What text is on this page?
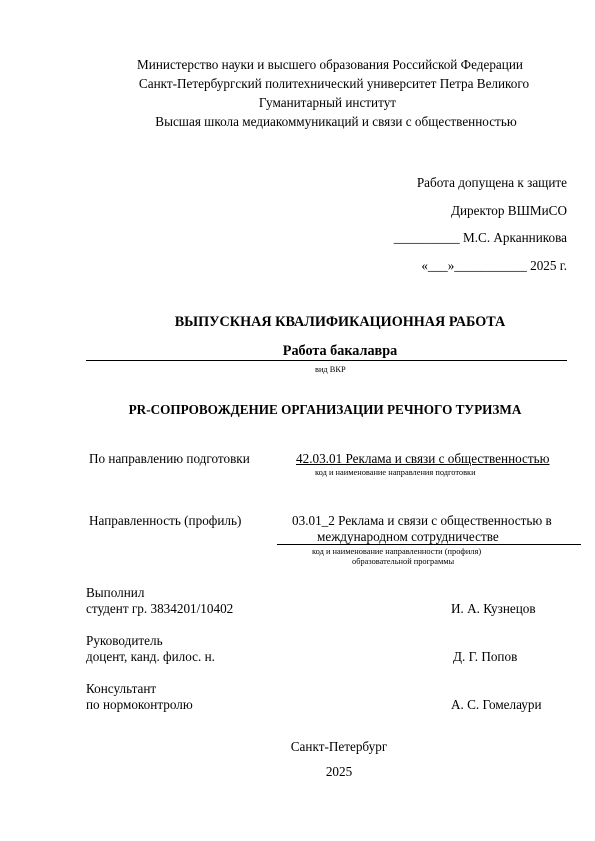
Министерство науки и высшего образования Российской Федерации
Санкт-Петербургский политехнический университет Петра Великого
Гуманитарный институт
Высшая школа медиакоммуникаций и связи с общественностью
Работа допущена к защите
Директор ВШМиСО
__________ М.С. Арканникова
«___»___________ 2025 г.
ВЫПУСКНАЯ КВАЛИФИКАЦИОННАЯ РАБОТА
Работа бакалавра
вид ВКР
PR-СОПРОВОЖДЕНИЕ ОРГАНИЗАЦИИ РЕЧНОГО ТУРИЗМА
По направлению подготовки	42.03.01 Реклама и связи с общественностью
код и наименование направления подготовки
Направленность (профиль)	03.01_2 Реклама и связи с общественностью в
международном сотрудничестве
код и наименование направленности (профиля)
образовательной программы
Выполнил
студент гр. 3834201/10402	И. А. Кузнецов
Руководитель
доцент, канд. филос. н.	Д. Г. Попов
Консультант
по нормоконтролю	А. С. Гомелаури
Санкт-Петербург
2025
